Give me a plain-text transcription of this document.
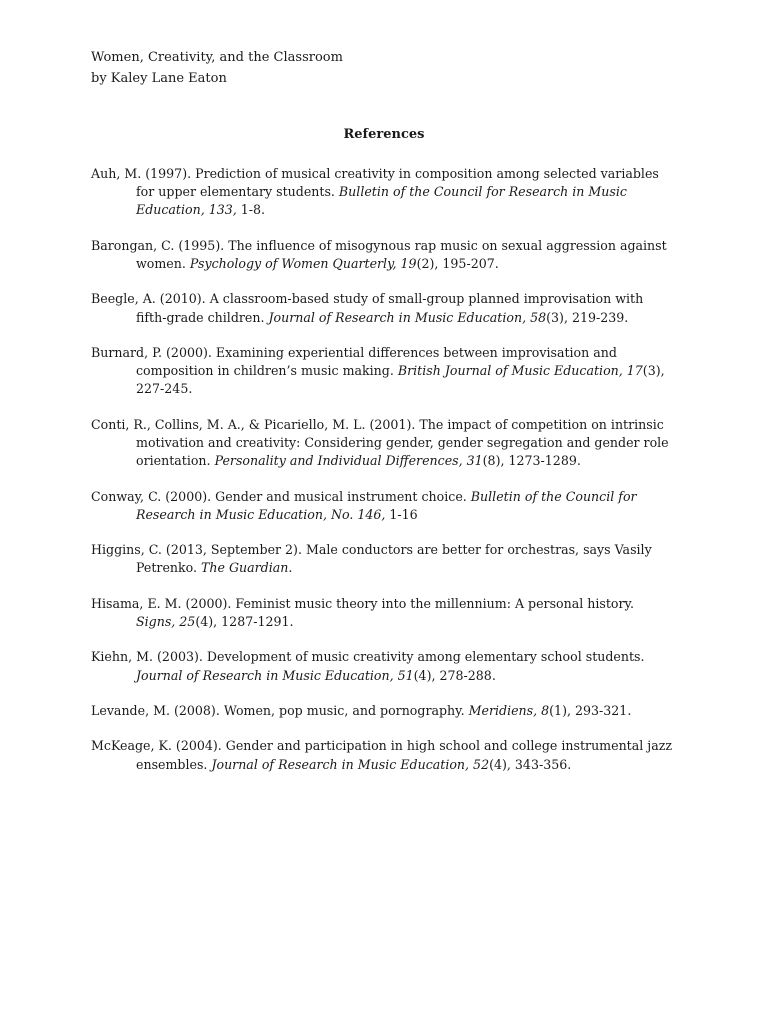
Women, Creativity, and the Classroom
by Kaley Lane Eaton
References

Auh, M. (1997). Prediction of musical creativity in composition among selected variables for upper elementary students. Bulletin of the Council for Research in Music Education, 133, 1-8.

Barongan, C. (1995). The influence of misogynous rap music on sexual aggression against women. Psychology of Women Quarterly, 19(2), 195-207.

Beegle, A. (2010). A classroom-based study of small-group planned improvisation with fifth-grade children. Journal of Research in Music Education, 58(3), 219-239.

Burnard, P. (2000). Examining experiential differences between improvisation and composition in children’s music making. British Journal of Music Education, 17(3), 227-245.

Conti, R., Collins, M. A., & Picariello, M. L. (2001). The impact of competition on intrinsic motivation and creativity: Considering gender, gender segregation and gender role orientation. Personality and Individual Differences, 31(8), 1273-1289.

Conway, C. (2000). Gender and musical instrument choice. Bulletin of the Council for Research in Music Education, No. 146, 1-16

Higgins, C. (2013, September 2). Male conductors are better for orchestras, says Vasily Petrenko. The Guardian.

Hisama, E. M. (2000). Feminist music theory into the millennium: A personal history. Signs, 25(4), 1287-1291.

Kiehn, M. (2003). Development of music creativity among elementary school students. Journal of Research in Music Education, 51(4), 278-288.

Levande, M. (2008). Women, pop music, and pornography. Meridiens, 8(1), 293-321.

McKeage, K. (2004). Gender and participation in high school and college instrumental jazz ensembles. Journal of Research in Music Education, 52(4), 343-356.
